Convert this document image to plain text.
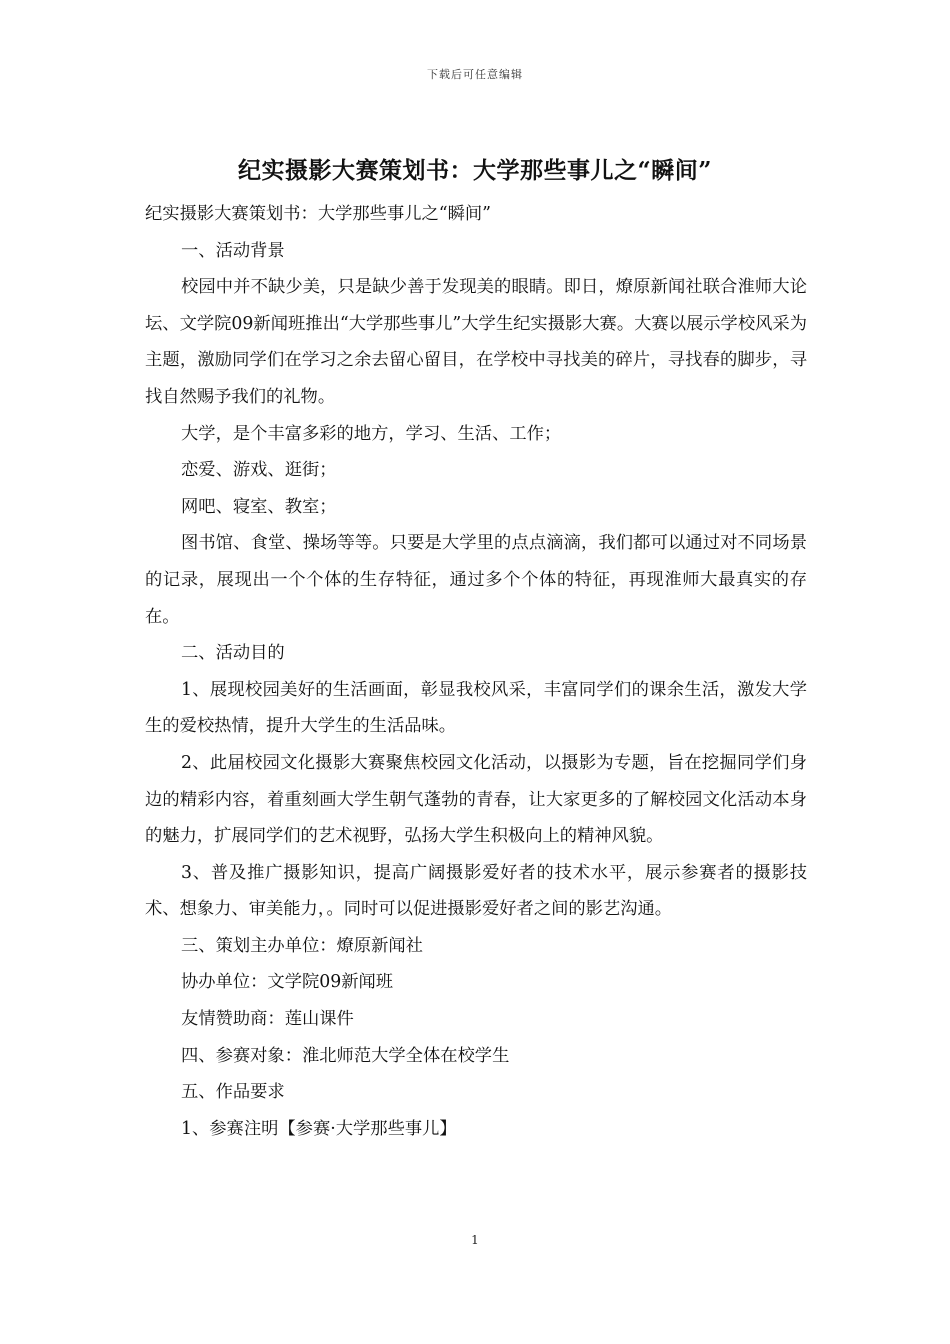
下载后可任意编辑
纪实摄影大赛策划书：大学那些事儿之“瞬间”

纪实摄影大赛策划书：大学那些事儿之“瞬间”

一、活动背景

校园中并不缺少美，只是缺少善于发现美的眼睛。即日，燎原新闻社联合淮师大论坛、文学院09新闻班推出“大学那些事儿”大学生纪实摄影大赛。大赛以展示学校风采为主题，激励同学们在学习之余去留心留目，在学校中寻找美的碎片，寻找春的脚步，寻找自然赐予我们的礼物。

大学，是个丰富多彩的地方，学习、生活、工作；

恋爱、游戏、逛街；

网吧、寝室、教室；

图书馆、食堂、操场等等。只要是大学里的点点滴滴，我们都可以通过对不同场景的记录，展现出一个个体的生存特征，通过多个个体的特征，再现淮师大最真实的存在。

二、活动目的

1、展现校园美好的生活画面，彰显我校风采，丰富同学们的课余生活，激发大学生的爱校热情，提升大学生的生活品味。

2、此届校园文化摄影大赛聚焦校园文化活动，以摄影为专题，旨在挖掘同学们身边的精彩内容，着重刻画大学生朝气蓬勃的青春，让大家更多的了解校园文化活动本身的魅力，扩展同学们的艺术视野，弘扬大学生积极向上的精神风貌。

3、普及推广摄影知识，提高广阔摄影爱好者的技术水平，展示参赛者的摄影技术、想象力、审美能力，。同时可以促进摄影爱好者之间的影艺沟通。

三、策划主办单位：燎原新闻社

协办单位：文学院09新闻班

友情赞助商：莲山课件

四、参赛对象：淮北师范大学全体在校学生

五、作品要求

1、参赛注明【参赛·大学那些事儿】

1
